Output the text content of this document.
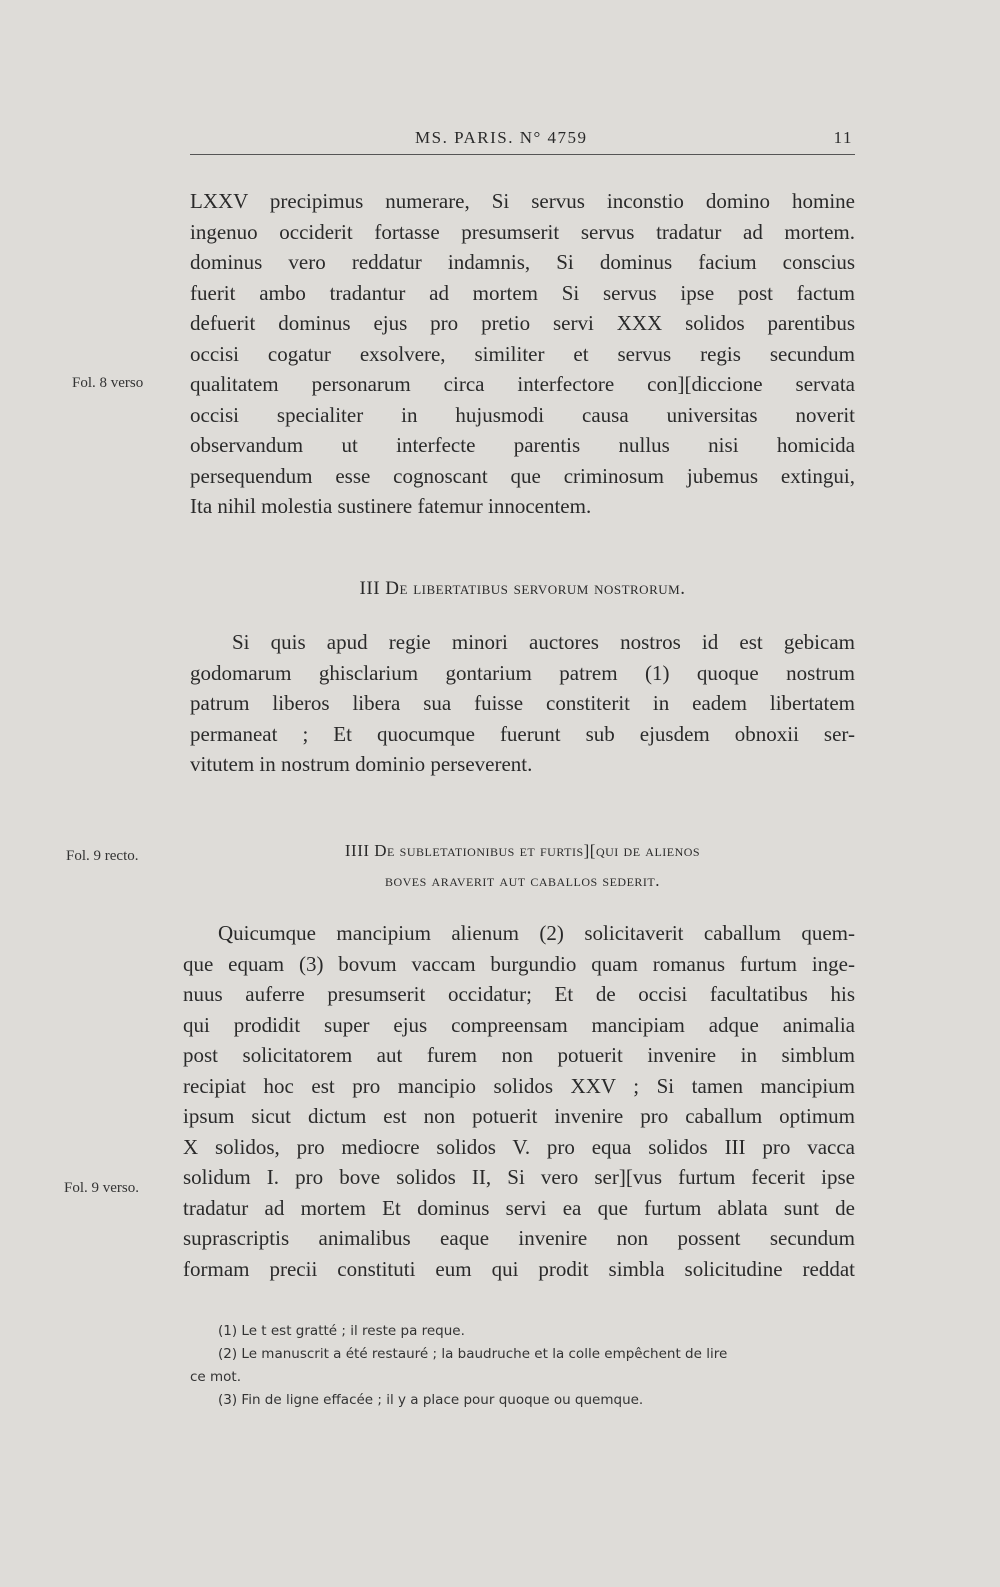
MS. PARIS. N° 4759	11
Fol. 8 verso
Fol. 9 recto.
Fol. 9 verso.
LXXV precipimus numerare, Si servus inconstio domino homine
ingenuo occiderit fortasse presumserit servus tradatur ad mortem.
dominus vero reddatur indamnis, Si dominus facium conscius
fuerit ambo tradantur ad mortem Si servus ipse post factum
defuerit dominus ejus pro pretio servi XXX solidos parentibus
occisi cogatur exsolvere, similiter et servus regis secundum
qualitatem personarum circa interfectore con][diccione servata
occisi specialiter in hujusmodi causa universitas noverit
observandum ut interfecte parentis nullus nisi homicida
persequendum esse cognoscant que criminosum jubemus extingui,
Ita nihil molestia sustinere fatemur innocentem.
III De libertatibus servorum nostrorum.
Si quis apud regie minori auctores nostros id est gebicam
godomarum ghisclarium gontarium patrem (1) quoque nostrum
patrum liberos libera sua fuisse constiterit in eadem libertatem
permaneat ; Et quocumque fuerunt sub ejusdem obnoxii ser-
vitutem in nostrum dominio perseverent.
IIII De subletationibus et furtis][qui de alienos
boves araverit aut caballos sederit.
Quicumque mancipium alienum (2) solicitaverit caballum quem-
que equam (3) bovum vaccam burgundio quam romanus furtum inge-
nuus auferre presumserit occidatur; Et de occisi facultatibus his
qui prodidit super ejus compreensam mancipiam adque animalia
post solicitatorem aut furem non potuerit invenire in simblum
recipiat hoc est pro mancipio solidos XXV ; Si tamen mancipium
ipsum sicut dictum est non potuerit invenire pro caballum optimum
X solidos, pro mediocre solidos V. pro equa solidos III pro vacca
solidum I. pro bove solidos II, Si vero ser][vus furtum fecerit ipse
tradatur ad mortem Et dominus servi ea que furtum ablata sunt de
suprascriptis animalibus eaque invenire non possent secundum
formam precii constituti eum qui prodit simbla solicitudine reddat
(1) Le t est gratté ; il reste pa reque.
(2) Le manuscrit a été restauré ; la baudruche et la colle empêchent de lire
ce mot.
(3) Fin de ligne effacée ; il y a place pour quoque ou quemque.
